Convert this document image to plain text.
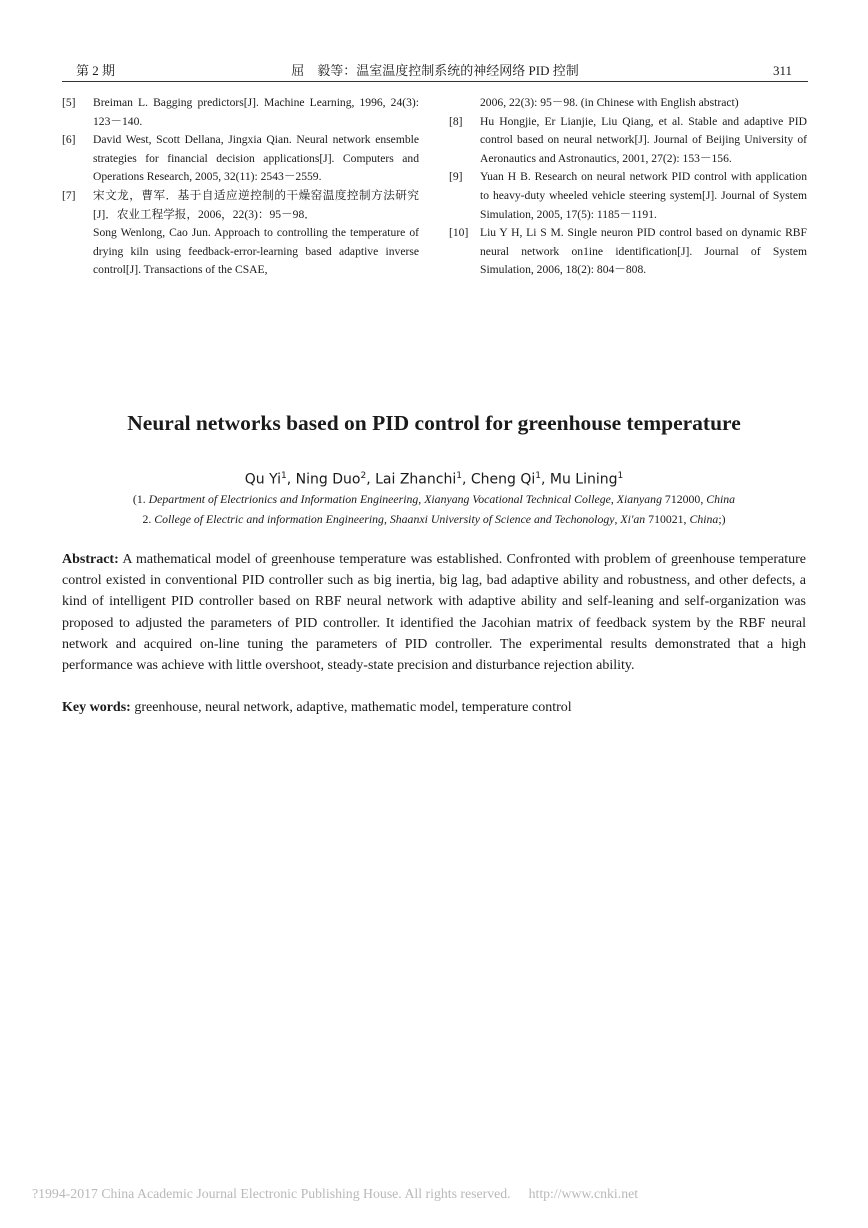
第 2 期	屈　毅等：温室温度控制系统的神经网络 PID 控制	311
[5] Breiman L. Bagging predictors[J]. Machine Learning, 1996, 24(3): 123－140.
[6] David West, Scott Dellana, Jingxia Qian. Neural network ensemble strategies for financial decision applications[J]. Computers and Operations Research, 2005, 32(11): 2543－2559.
[7] 宋文龙，曹军．基于自适应逆控制的干燥窑温度控制方法研究[J]．农业工程学报，2006，22(3)：95－98．
Song Wenlong, Cao Jun. Approach to controlling the temperature of drying kiln using feedback-error-learning based adaptive inverse control[J]. Transactions of the CSAE,
2006, 22(3): 95－98. (in Chinese with English abstract)
[8] Hu Hongjie, Er Lianjie, Liu Qiang, et al. Stable and adaptive PID control based on neural network[J]. Journal of Beijing University of Aeronautics and Astronautics, 2001, 27(2): 153－156.
[9] Yuan H B. Research on neural network PID control with application to heavy-duty wheeled vehicle steering system[J]. Journal of System Simulation, 2005, 17(5): 1185－1191.
[10] Liu Y H, Li S M. Single neuron PID control based on dynamic RBF neural network on1ine identification[J]. Journal of System Simulation, 2006, 18(2): 804－808.
Neural networks based on PID control for greenhouse temperature
Qu Yi$^1$, Ning Duo$^2$, Lai Zhanchi$^1$, Cheng Qi$^1$, Mu Lining$^1$
(1. Department of Electrionics and Information Engineering, Xianyang Vocational Technical College, Xianyang 712000, China
2. College of Electric and information Engineering, Shaanxi University of Science and Techonology, Xi'an 710021, China;)
Abstract: A mathematical model of greenhouse temperature was established. Confronted with problem of greenhouse temperature control existed in conventional PID controller such as big inertia, big lag, bad adaptive ability and robustness, and other defects, a kind of intelligent PID controller based on RBF neural network with adaptive ability and self-leaning and self-organization was proposed to adjusted the parameters of PID controller. It identified the Jacohian matrix of feedback system by the RBF neural network and acquired on-line tuning the parameters of PID controller. The experimental results demonstrated that a high performance was achieve with little overshoot, steady-state precision and disturbance rejection ability.
Key words: greenhouse, neural network, adaptive, mathematic model, temperature control
?1994-2017 China Academic Journal Electronic Publishing House. All rights reserved. http://www.cnki.net
